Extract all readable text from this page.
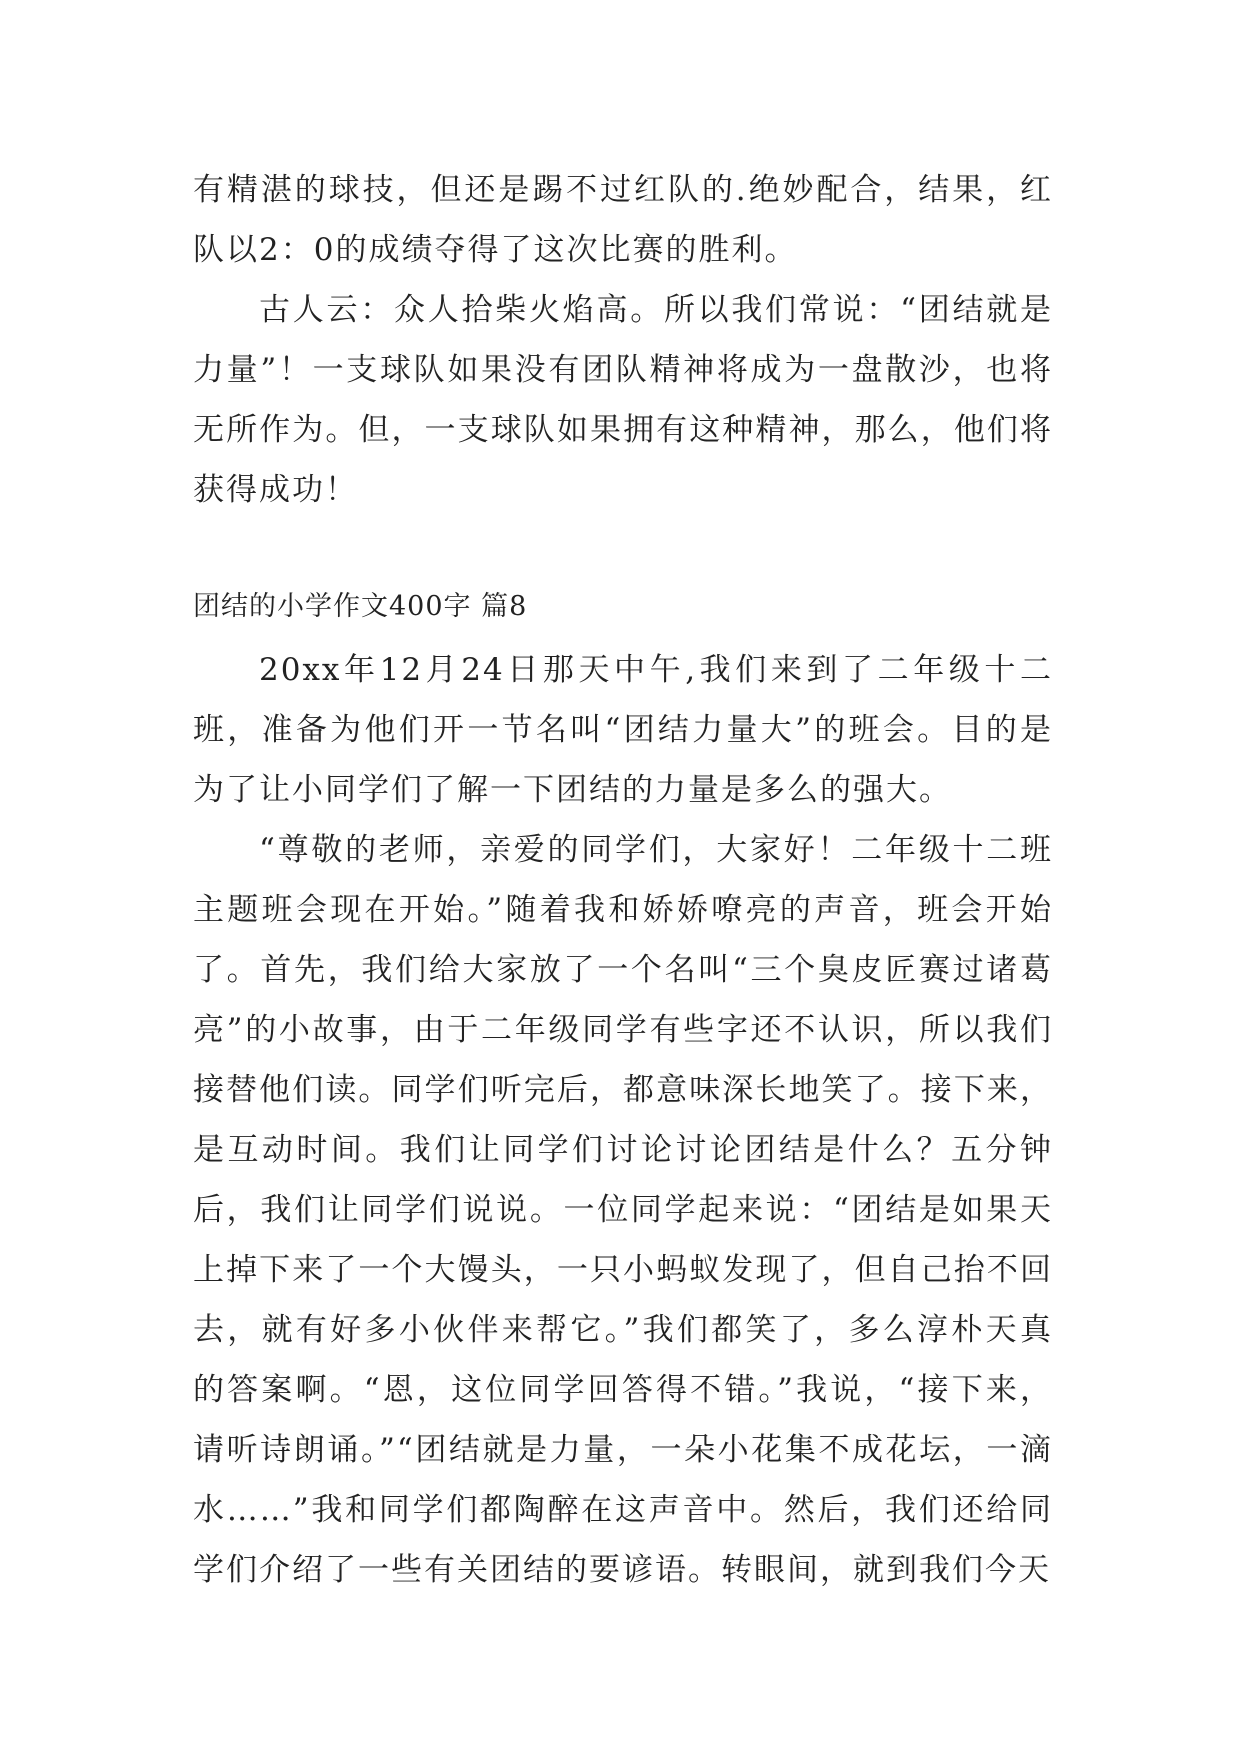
有精湛的球技，但还是踢不过红队的.绝妙配合，结果，红队以2：0的成绩夺得了这次比赛的胜利。

古人云：众人拾柴火焰高。所以我们常说：“团结就是力量”！一支球队如果没有团队精神将成为一盘散沙，也将无所作为。但，一支球队如果拥有这种精神，那么，他们将获得成功！

团结的小学作文400字 篇8

20xx年12月24日那天中午,我们来到了二年级十二班，准备为他们开一节名叫“团结力量大”的班会。目的是为了让小同学们了解一下团结的力量是多么的强大。

“尊敬的老师，亲爱的同学们，大家好！二年级十二班主题班会现在开始。”随着我和娇娇嘹亮的声音，班会开始了。首先，我们给大家放了一个名叫“三个臭皮匠赛过诸葛亮”的小故事，由于二年级同学有些字还不认识，所以我们接替他们读。同学们听完后，都意味深长地笑了。接下来，是互动时间。我们让同学们讨论讨论团结是什么？五分钟后，我们让同学们说说。一位同学起来说：“团结是如果天上掉下来了一个大馒头，一只小蚂蚁发现了，但自己抬不回去，就有好多小伙伴来帮它。”我们都笑了，多么淳朴天真的答案啊。“恩，这位同学回答得不错。”我说，“接下来，请听诗朗诵。”“团结就是力量，一朵小花集不成花坛，一滴水……”我和同学们都陶醉在这声音中。然后，我们还给同学们介绍了一些有关团结的要谚语。转眼间，就到我们今天
